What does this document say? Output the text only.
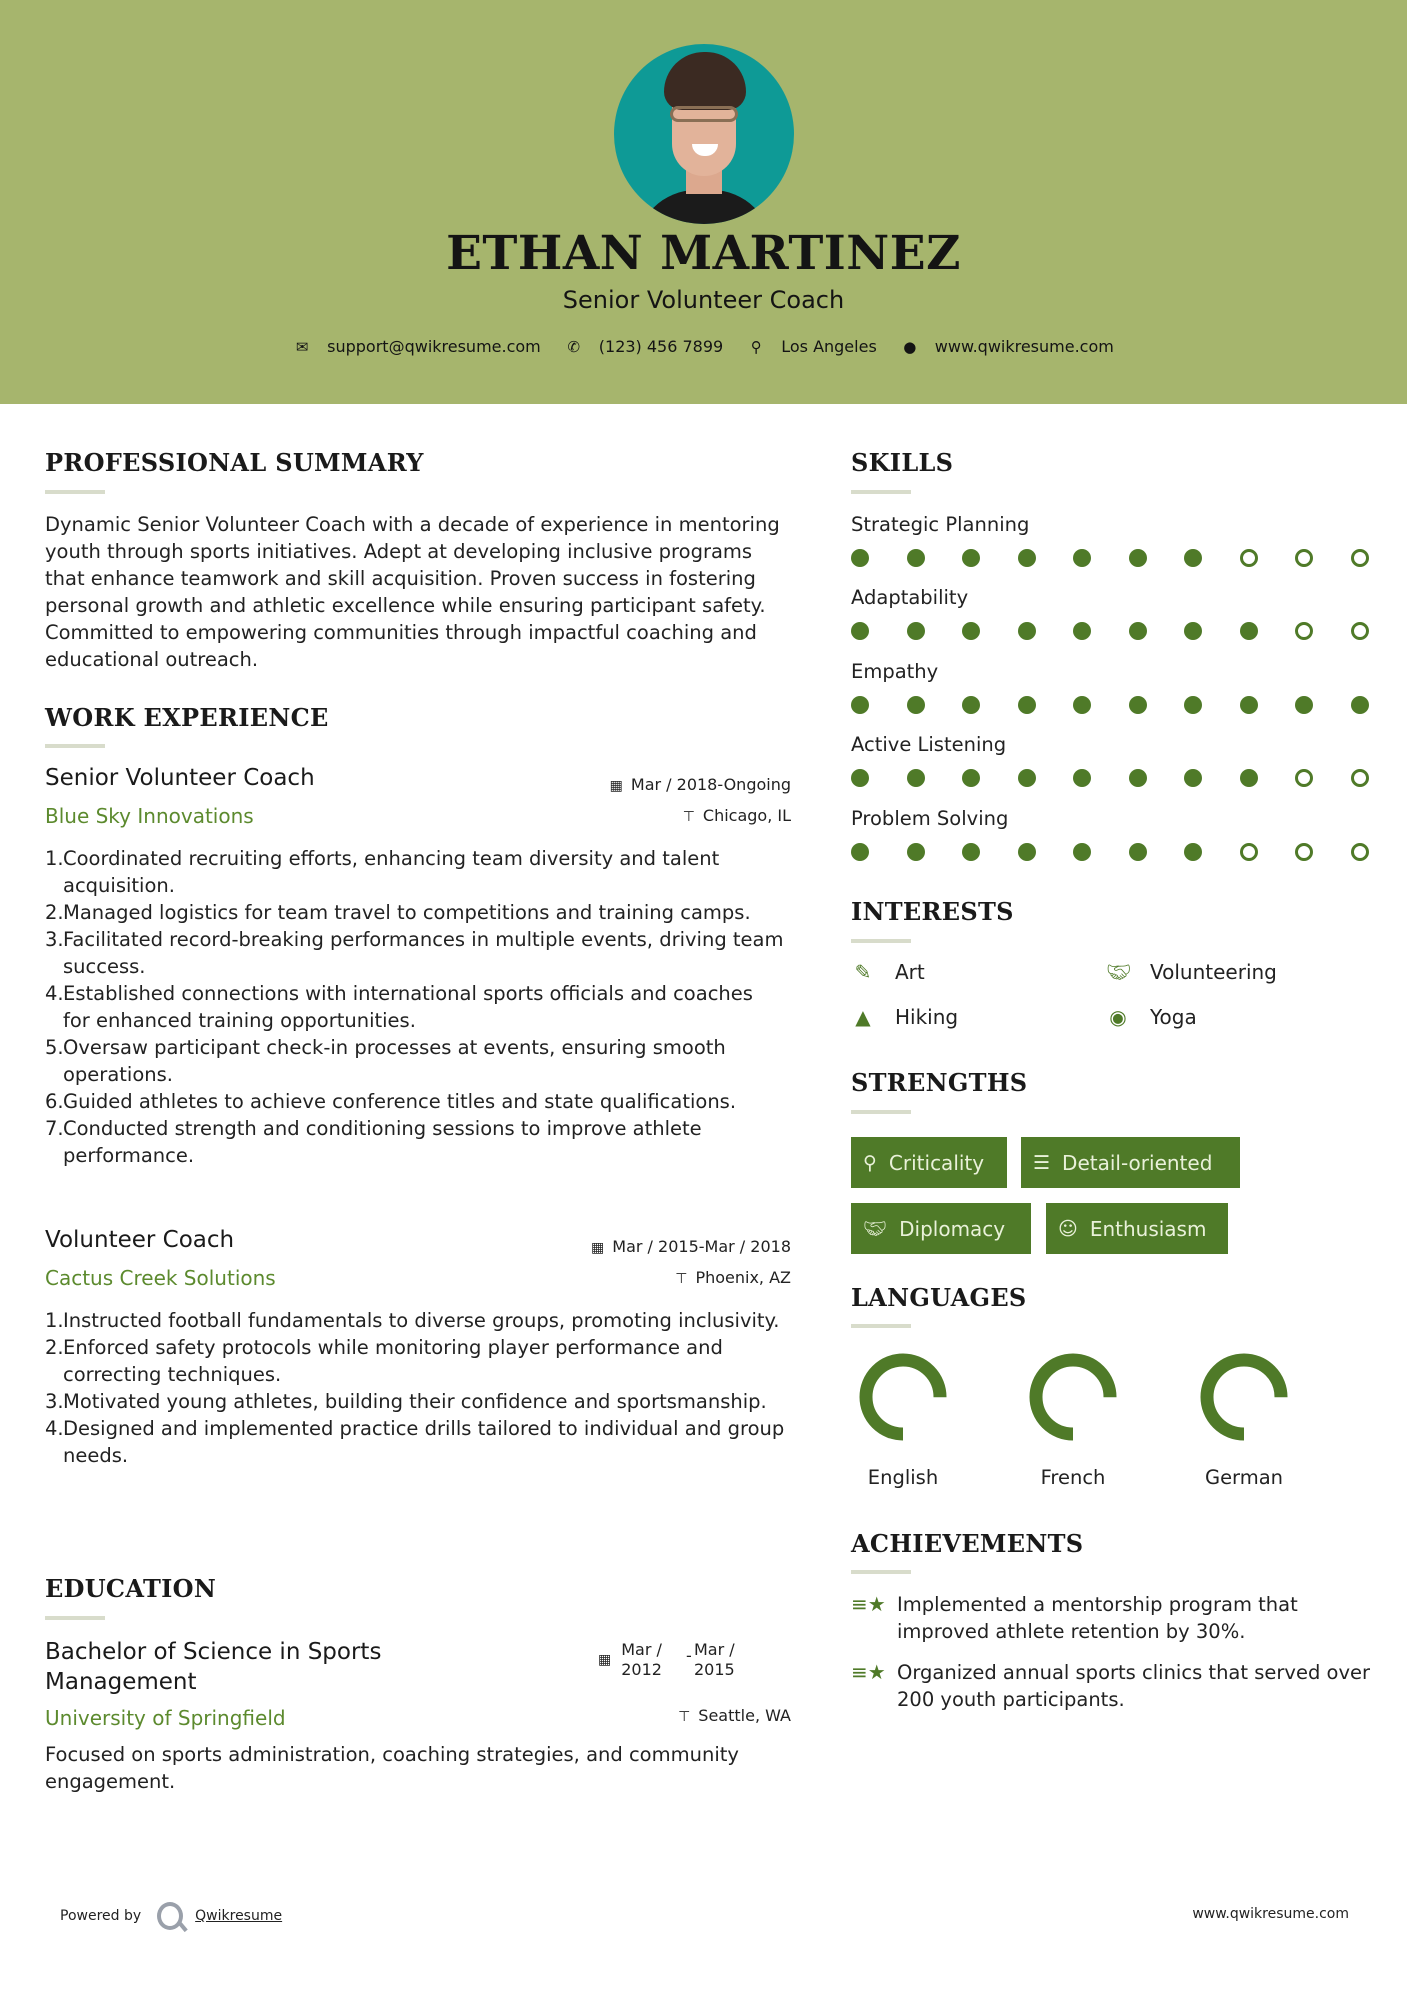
ETHAN MARTINEZ
Senior Volunteer Coach
✉ support@qwikresume.com ✆ (123) 456 7899 ⚲ Los Angeles ● www.qwikresume.com
PROFESSIONAL SUMMARY
Dynamic Senior Volunteer Coach with a decade of experience in mentoring youth through sports initiatives. Adept at developing inclusive programs that enhance teamwork and skill acquisition. Proven success in fostering personal growth and athletic excellence while ensuring participant safety. Committed to empowering communities through impactful coaching and educational outreach.
WORK EXPERIENCE
Senior Volunteer Coach
Blue Sky Innovations
▦ Mar / 2018-Ongoing
⊤ Chicago, IL
Coordinated recruiting efforts, enhancing team diversity and talent acquisition.
Managed logistics for team travel to competitions and training camps.
Facilitated record-breaking performances in multiple events, driving team success.
Established connections with international sports officials and coaches for enhanced training opportunities.
Oversaw participant check-in processes at events, ensuring smooth operations.
Guided athletes to achieve conference titles and state qualifications.
Conducted strength and conditioning sessions to improve athlete performance.
Volunteer Coach
Cactus Creek Solutions
▦ Mar / 2015-Mar / 2018
⊤ Phoenix, AZ
Instructed football fundamentals to diverse groups, promoting inclusivity.
Enforced safety protocols while monitoring player performance and correcting techniques.
Motivated young athletes, building their confidence and sportsmanship.
Designed and implemented practice drills tailored to individual and group needs.
EDUCATION
Bachelor of Science in Sports
Management
University of Springfield
▦
Mar /
2012
- Mar /
2015
⊤ Seattle, WA
Focused on sports administration, coaching strategies, and community engagement.
SKILLS
Strategic Planning
Adaptability
Empathy
Active Listening
Problem Solving
INTERESTS
✎ Art	🤝︎ Volunteering
▲ Hiking	◉ Yoga
STRENGTHS
⚲ Criticality	☰ Detail-oriented
🤝︎ Diplomacy	☺ Enthusiasm
LANGUAGES
English	French	German
ACHIEVEMENTS
≡★ Implemented a mentorship program that improved athlete retention by 30%.
≡★ Organized annual sports clinics that served over 200 youth participants.
Powered by	Qwikresume	www.qwikresume.com
